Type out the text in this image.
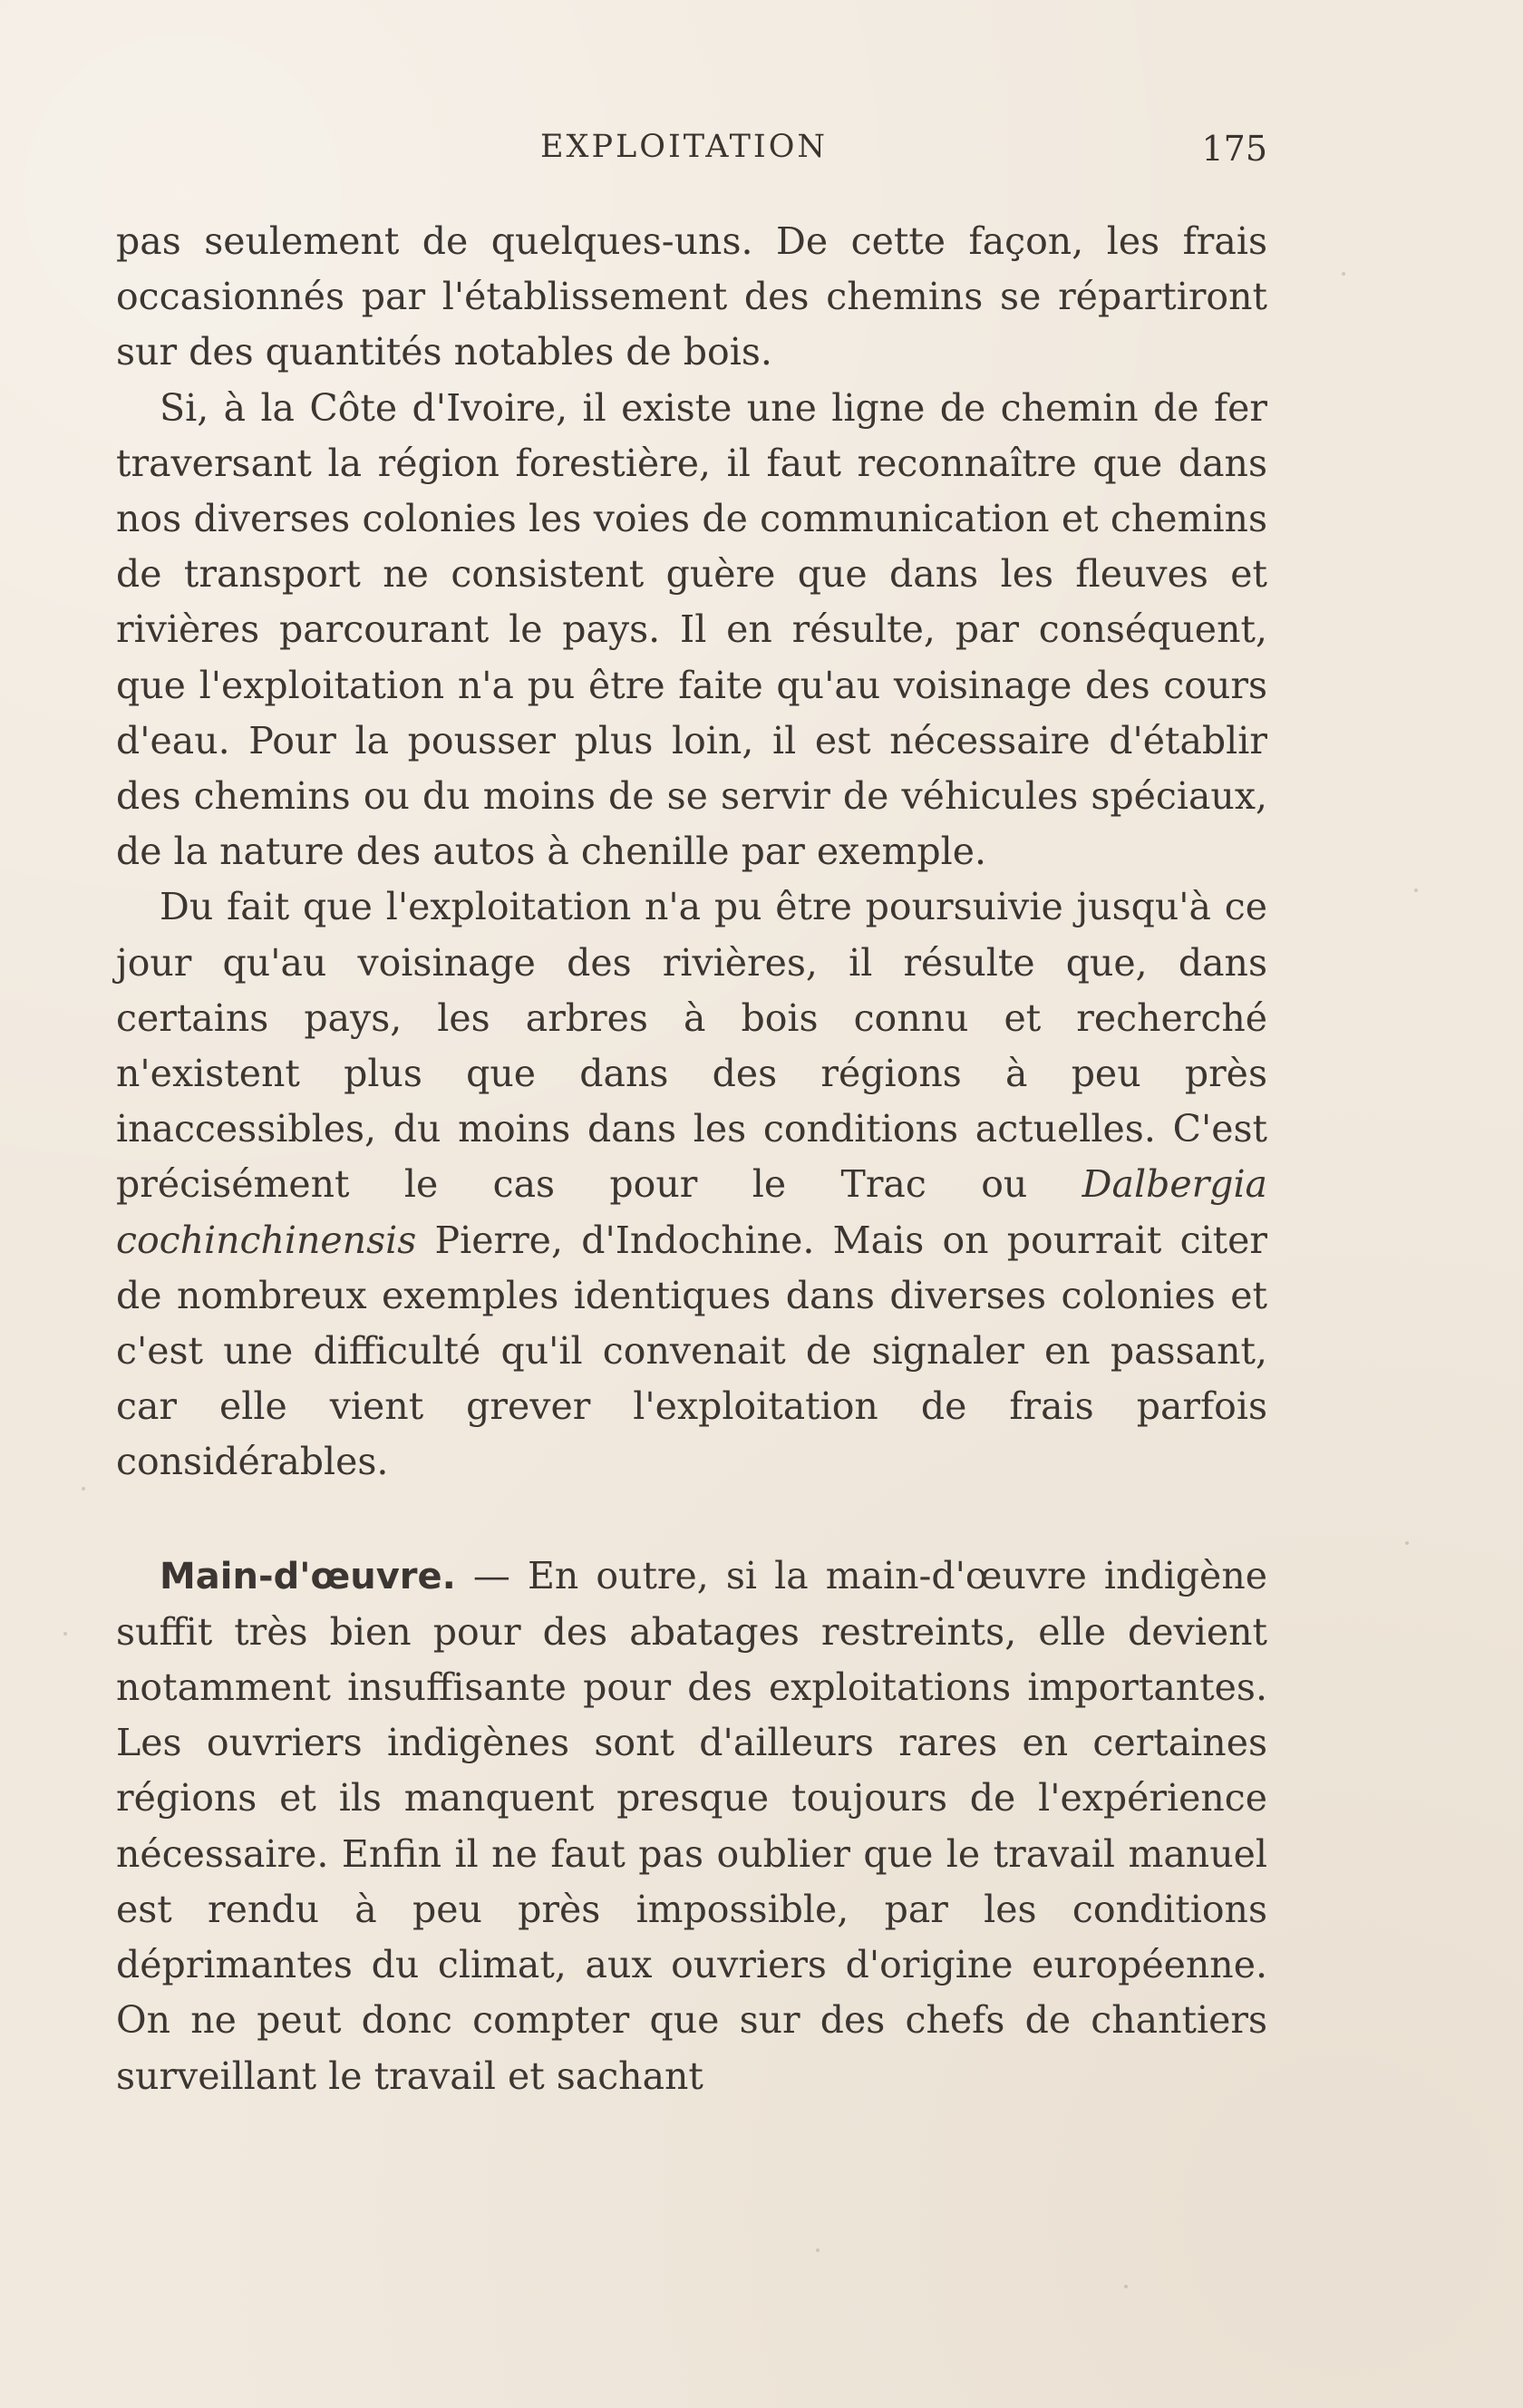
EXPLOITATION	175

pas seulement de quelques-uns. De cette façon, les frais occasionnés par l'établissement des chemins se répartiront sur des quantités notables de bois.

Si, à la Côte d'Ivoire, il existe une ligne de chemin de fer traversant la région forestière, il faut reconnaître que dans nos diverses colonies les voies de communication et chemins de transport ne consistent guère que dans les fleuves et rivières parcourant le pays. Il en résulte, par conséquent, que l'exploitation n'a pu être faite qu'au voisinage des cours d'eau. Pour la pousser plus loin, il est nécessaire d'établir des chemins ou du moins de se servir de véhicules spéciaux, de la nature des autos à chenille par exemple.

Du fait que l'exploitation n'a pu être poursuivie jusqu'à ce jour qu'au voisinage des rivières, il résulte que, dans certains pays, les arbres à bois connu et recherché n'existent plus que dans des régions à peu près inaccessibles, du moins dans les conditions actuelles. C'est précisément le cas pour le Trac ou Dalbergia cochinchinensis Pierre, d'Indochine. Mais on pourrait citer de nombreux exemples identiques dans diverses colonies et c'est une difficulté qu'il convenait de signaler en passant, car elle vient grever l'exploitation de frais parfois considérables.

Main-d'œuvre. — En outre, si la main-d'œuvre indigène suffit très bien pour des abatages restreints, elle devient notamment insuffisante pour des exploitations importantes. Les ouvriers indigènes sont d'ailleurs rares en certaines régions et ils manquent presque toujours de l'expérience nécessaire. Enfin il ne faut pas oublier que le travail manuel est rendu à peu près impossible, par les conditions déprimantes du climat, aux ouvriers d'origine européenne. On ne peut donc compter que sur des chefs de chantiers surveillant le travail et sachant
